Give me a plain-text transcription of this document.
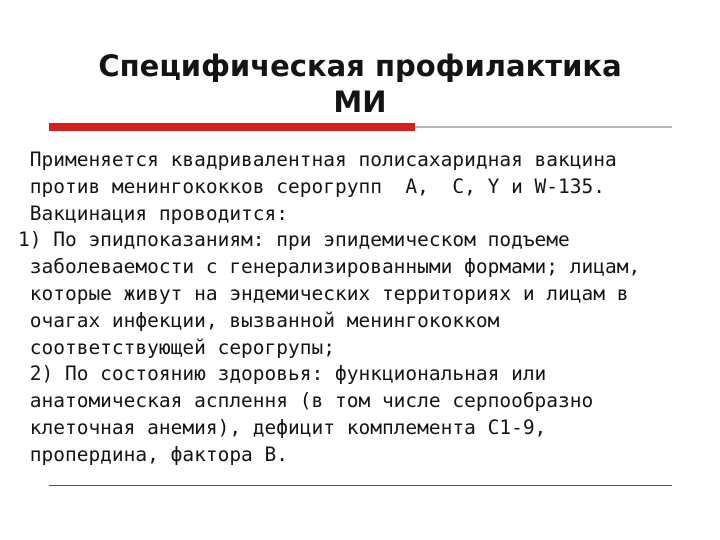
Специфическая профилактика
МИ

Применяется квадривалентная полисахаридная вакцина

против менингококков серогрупп  А,  С, Y и W-135.

Вакцинация проводится:

1) По эпидпоказаниям: при эпидемическом подъеме

заболеваемости с генерализированными формами; лицам,

которые живут на эндемических территориях и лицам в

очагах инфекции, вызванной менингококком

соответствующей серогрупы;

2) По состоянию здоровья: функциональная или

анатомическая асплення (в том числе серпообразно

клеточная анемия), дефицит комплемента С1-9,

пропердина, фактора В.
